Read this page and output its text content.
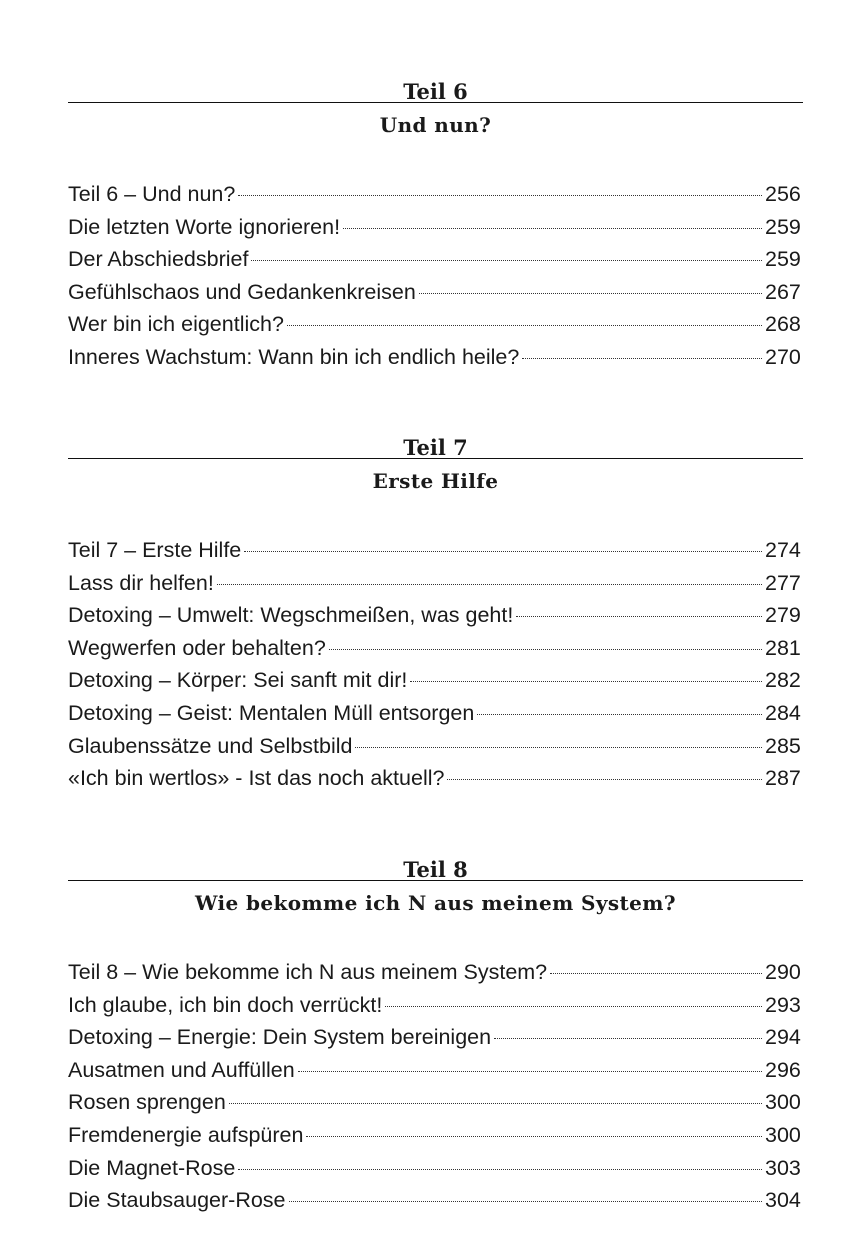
Teil 6
Und nun?
Teil 6 – Und nun?	256
Die letzten Worte ignorieren!	259
Der Abschiedsbrief	259
Gefühlschaos und Gedankenkreisen	267
Wer bin ich eigentlich?	268
Inneres Wachstum: Wann bin ich endlich heile?	270
Teil 7
Erste Hilfe
Teil 7 – Erste Hilfe	274
Lass dir helfen!	277
Detoxing – Umwelt: Wegschmeißen, was geht!	279
Wegwerfen oder behalten?	281
Detoxing – Körper: Sei sanft mit dir!	282
Detoxing – Geist: Mentalen Müll entsorgen	284
Glaubenssätze und Selbstbild	285
«Ich bin wertlos» - Ist das noch aktuell?	287
Teil 8
Wie bekomme ich N aus meinem System?
Teil 8 – Wie bekomme ich N aus meinem System?	290
Ich glaube, ich bin doch verrückt!	293
Detoxing – Energie: Dein System bereinigen	294
Ausatmen und Auffüllen	296
Rosen sprengen	300
Fremdenergie aufspüren	300
Die Magnet-Rose	303
Die Staubsauger-Rose	304
